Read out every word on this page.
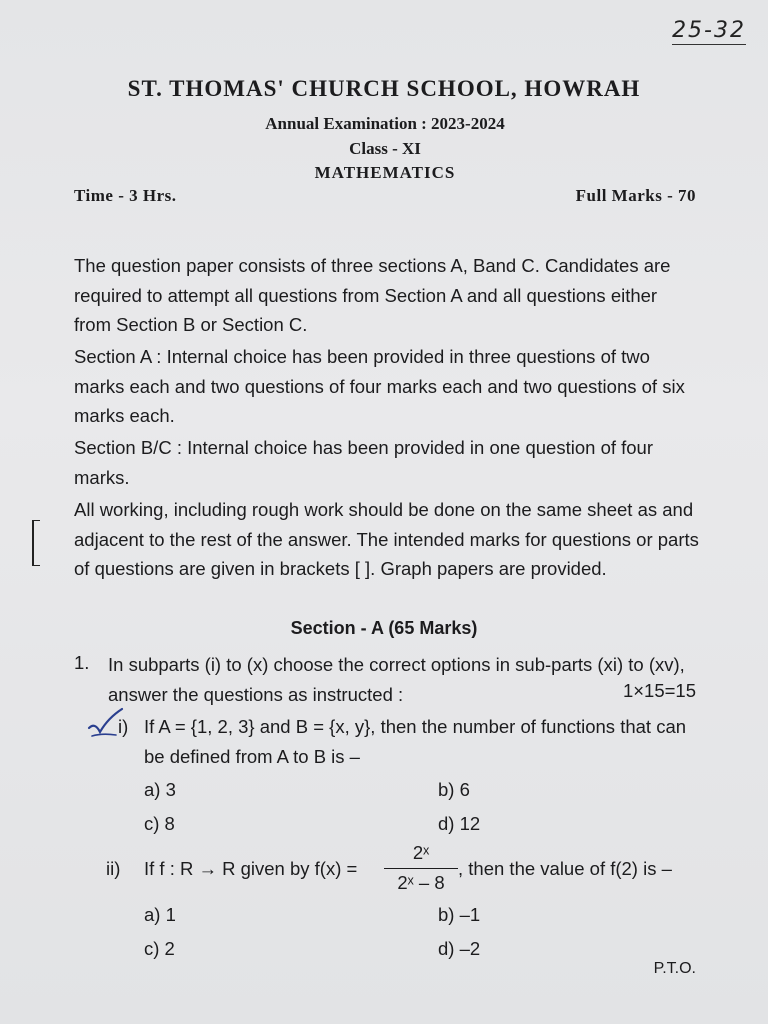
25-32
ST. THOMAS' CHURCH SCHOOL, HOWRAH
Annual Examination : 2023-2024
Class - XI
MATHEMATICS
Time - 3 Hrs.	Full Marks - 70
The question paper consists of three sections A, Band C. Candidates are required to attempt all questions from Section A and all questions either from Section B or Section C.
Section A : Internal choice has been provided in three questions of two marks each and two questions of four marks each and two questions of six marks each.
Section B/C : Internal choice has been provided in one question of four marks.
All working, including rough work should be done on the same sheet as and adjacent to the rest of the answer. The intended marks for questions or parts of questions are given in brackets [ ]. Graph papers are provided.
Section - A (65 Marks)
1. In subparts (i) to (x) choose the correct options in sub-parts (xi) to (xv), answer the questions as instructed :	1×15=15
i) If A = {1, 2, 3} and B = {x, y}, then the number of functions that can be defined from A to B is –
a) 3	b) 6
c) 8	d) 12
ii) If f : R → R given by f(x) =
2ˣ
2ˣ – 8
, then the value of f(2) is –
a) 1	b) –1
c) 2	d) –2
P.T.O.
